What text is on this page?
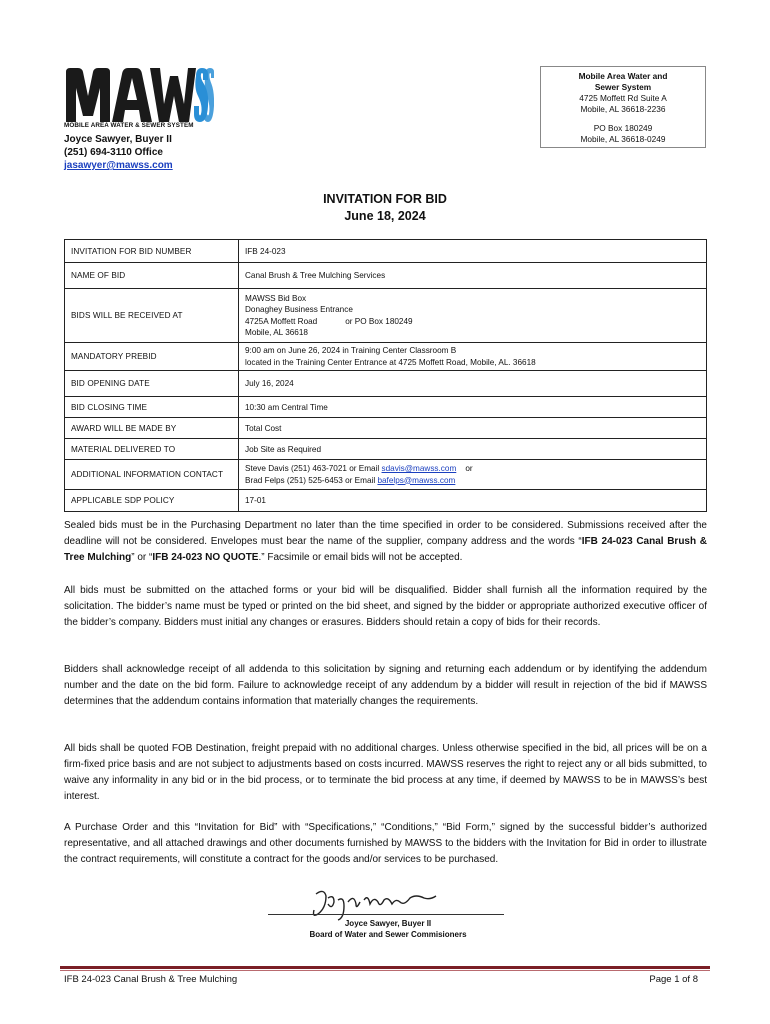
MOBILE AREA WATER & SEWER SYSTEM
Joyce Sawyer, Buyer II
(251) 694-3110 Office
jasawyer@mawss.com
Mobile Area Water and
Sewer System
4725 Moffett Rd Suite A
Mobile, AL 36618-2236
PO Box 180249
Mobile, AL 36618-0249
INVITATION FOR BID
June 18, 2024
INVITATION FOR BID NUMBER	IFB 24-023
NAME OF BID	Canal Brush & Tree Mulching Services
BIDS WILL BE RECEIVED AT	MAWSS Bid Box
Donaghey Business Entrance
4725A Moffett Road or PO Box 180249
Mobile, AL 36618

MANDATORY PREBID	9:00 am on June 26, 2024 in Training Center Classroom B
located in the Training Center Entrance at 4725 Moffett Road, Mobile, AL. 36618

BID OPENING DATE	July 16, 2024
BID CLOSING TIME	10:30 am Central Time
AWARD WILL BE MADE BY	Total Cost
MATERIAL DELIVERED TO	Job Site as Required
ADDITIONAL INFORMATION CONTACT	Steve Davis (251) 463-7021 or Email sdavis@mawss.com    or
Brad Felps (251) 525-6453 or Email bafelps@mawss.com

APPLICABLE SDP POLICY	17-01
Sealed bids must be in the Purchasing Department no later than the time specified in order to be considered. Submissions received after the deadline will not be considered. Envelopes must bear the name of the supplier, company address and the words “IFB 24-023 Canal Brush & Tree Mulching” or “IFB 24-023 NO QUOTE.” Facsimile or email bids will not be accepted.
All bids must be submitted on the attached forms or your bid will be disqualified. Bidder shall furnish all the information required by the solicitation. The bidder’s name must be typed or printed on the bid sheet, and signed by the bidder or appropriate authorized executive officer of the bidder’s company. Bidders must initial any changes or erasures. Bidders should retain a copy of bids for their records.
Bidders shall acknowledge receipt of all addenda to this solicitation by signing and returning each addendum or by identifying the addendum number and the date on the bid form. Failure to acknowledge receipt of any addendum by a bidder will result in rejection of the bid if MAWSS determines that the addendum contains information that materially changes the requirements.
All bids shall be quoted FOB Destination, freight prepaid with no additional charges. Unless otherwise specified in the bid, all prices will be on a firm-fixed price basis and are not subject to adjustments based on costs incurred. MAWSS reserves the right to reject any or all bids submitted, to waive any informality in any bid or in the bid process, or to terminate the bid process at any time, if deemed by MAWSS to be in MAWSS’s best interest.
A Purchase Order and this “Invitation for Bid” with “Specifications,” “Conditions,” “Bid Form,” signed by the successful bidder’s authorized representative, and all attached drawings and other documents furnished by MAWSS to the bidders with the Invitation for Bid in order to illustrate the contract requirements, will constitute a contract for the goods and/or services to be purchased.
Joyce Sawyer, Buyer II
Board of Water and Sewer Commisioners
IFB 24-023 Canal Brush & Tree Mulching	Page 1 of 8
